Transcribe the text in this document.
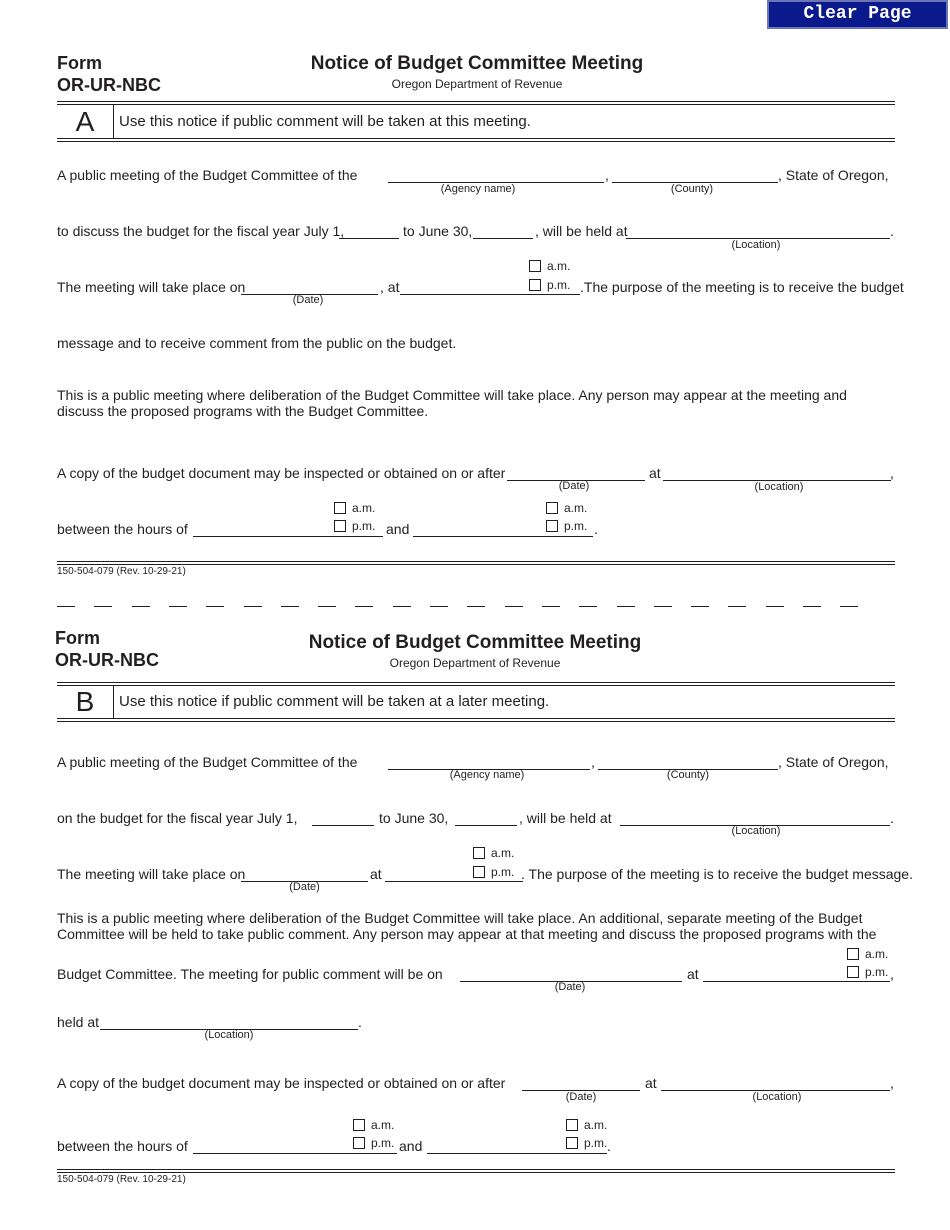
Clear Page
Form
OR-UR-NBC
Notice of Budget Committee Meeting
Oregon Department of Revenue
A	Use this notice if public comment will be taken at this meeting.
A public meeting of the Budget Committee of the
(Agency name)
,
(County)
, State of Oregon,
to discuss the budget for the fiscal year July 1,	to June 30,	, will be held at
(Location)
.
The meeting will take place on
(Date)
, at
a.m.
p.m. .The purpose of the meeting is to receive the budget
message and to receive comment from the public on the budget.
This is a public meeting where deliberation of the Budget Committee will take place. Any person may appear at the meeting and discuss the proposed programs with the Budget Committee.
A copy of the budget document may be inspected or obtained on or after
(Date)
at
(Location)
,
between the hours of
a.m.
p.m. and
a.m.
p.m. .
150-504-079 (Rev. 10-29-21)
Form
OR-UR-NBC
Notice of Budget Committee Meeting
Oregon Department of Revenue
B	Use this notice if public comment will be taken at a later meeting.
A public meeting of the Budget Committee of the
(Agency name)
,
(County)
, State of Oregon,
on the budget for the fiscal year July 1,	to June 30,	, will be held at
(Location)
.
The meeting will take place on
(Date)
at
a.m.
p.m. . The purpose of the meeting is to receive the budget message.
This is a public meeting where deliberation of the Budget Committee will take place. An additional, separate meeting of the Budget Committee will be held to take public comment. Any person may appear at that meeting and discuss the proposed programs with the
Budget Committee. The meeting for public comment will be on
(Date)
at
a.m.
p.m. ,
held at
(Location)
.
A copy of the budget document may be inspected or obtained on or after
(Date)
at
(Location)
,
between the hours of
a.m.
p.m. and
a.m.
p.m. .
150-504-079 (Rev. 10-29-21)
